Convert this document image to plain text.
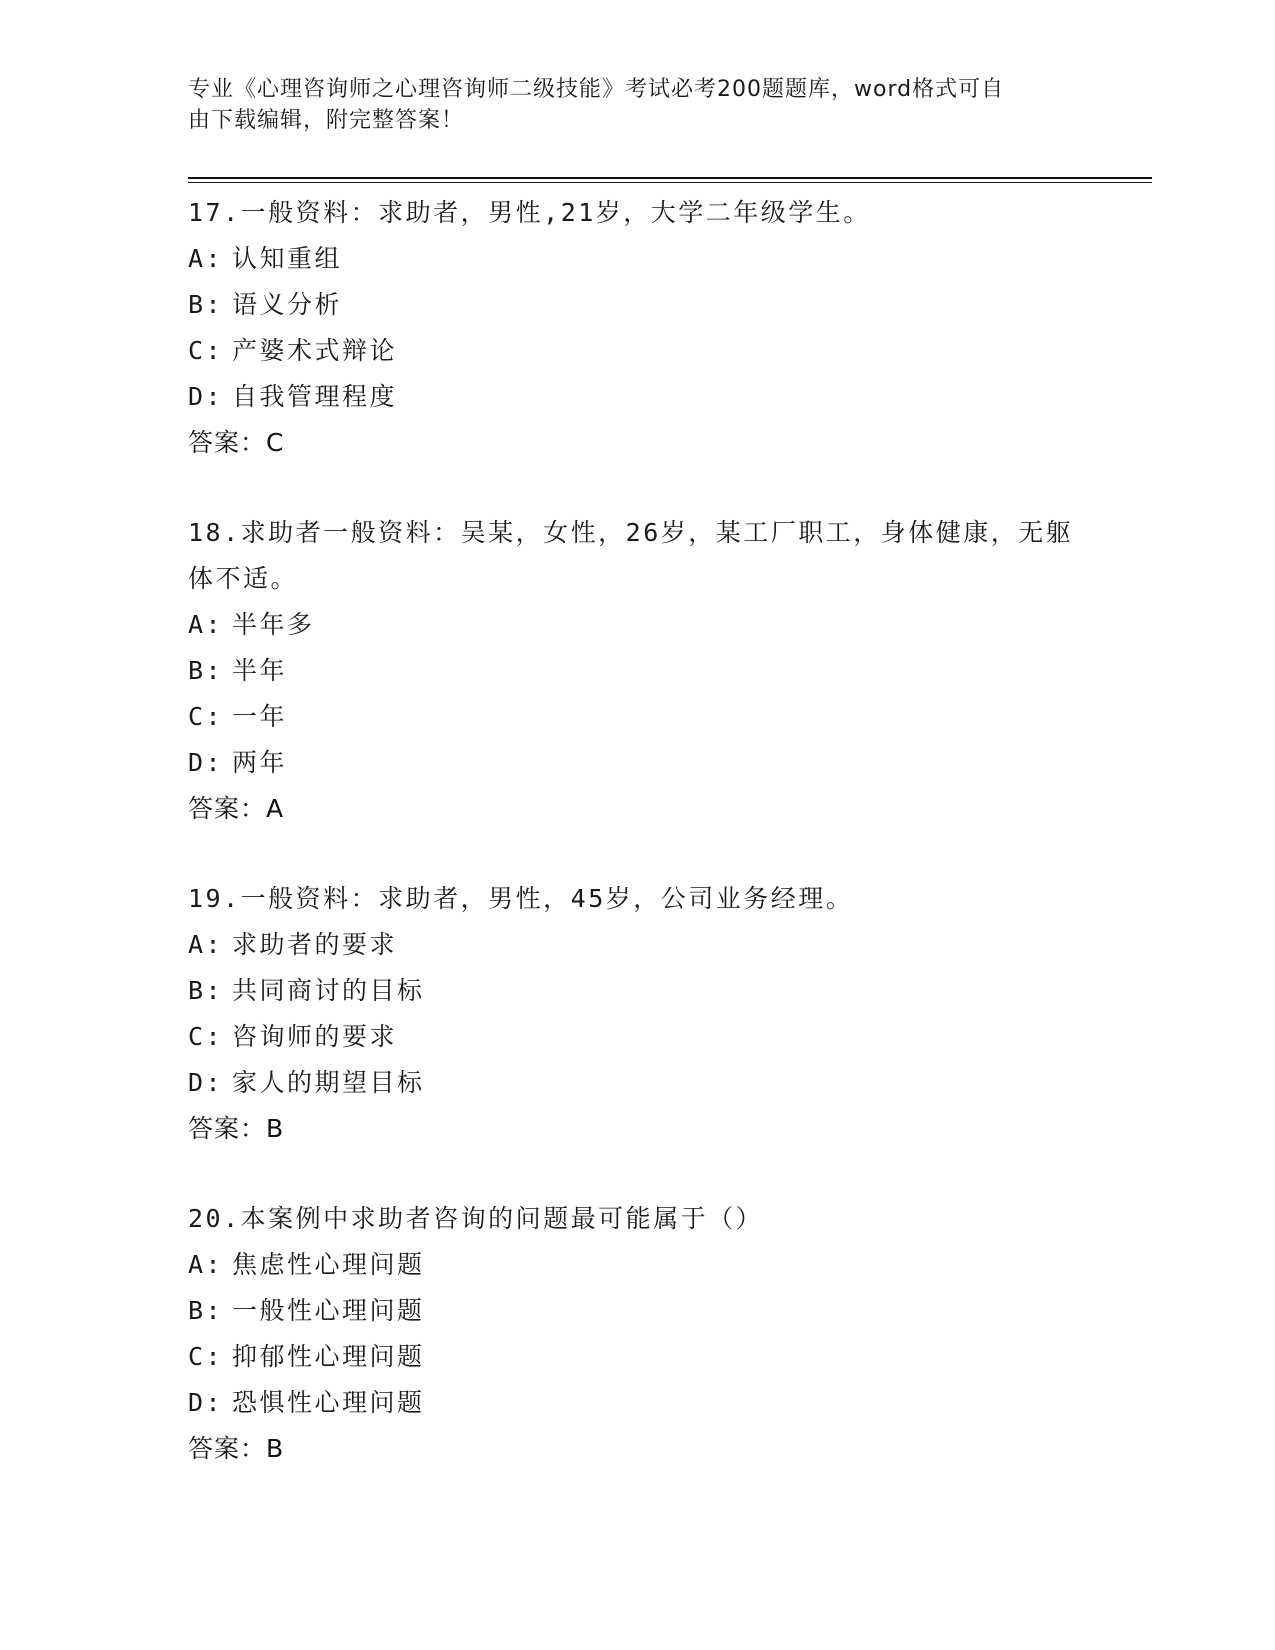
专业《心理咨询师之心理咨询师二级技能》考试必考200题题库，word格式可自
由下载编辑，附完整答案！
17.一般资料：求助者，男性,21岁，大学二年级学生。
A: 认知重组
B: 语义分析
C: 产婆术式辩论
D: 自我管理程度
答案：C
18.求助者一般资料：吴某，女性，26岁，某工厂职工，身体健康，无躯体不适。
A: 半年多
B: 半年
C: 一年
D: 两年
答案：A
19.一般资料：求助者，男性，45岁，公司业务经理。
A: 求助者的要求
B: 共同商讨的目标
C: 咨询师的要求
D: 家人的期望目标
答案：B
20.本案例中求助者咨询的问题最可能属于（）
A: 焦虑性心理问题
B: 一般性心理问题
C: 抑郁性心理问题
D: 恐惧性心理问题
答案：B
